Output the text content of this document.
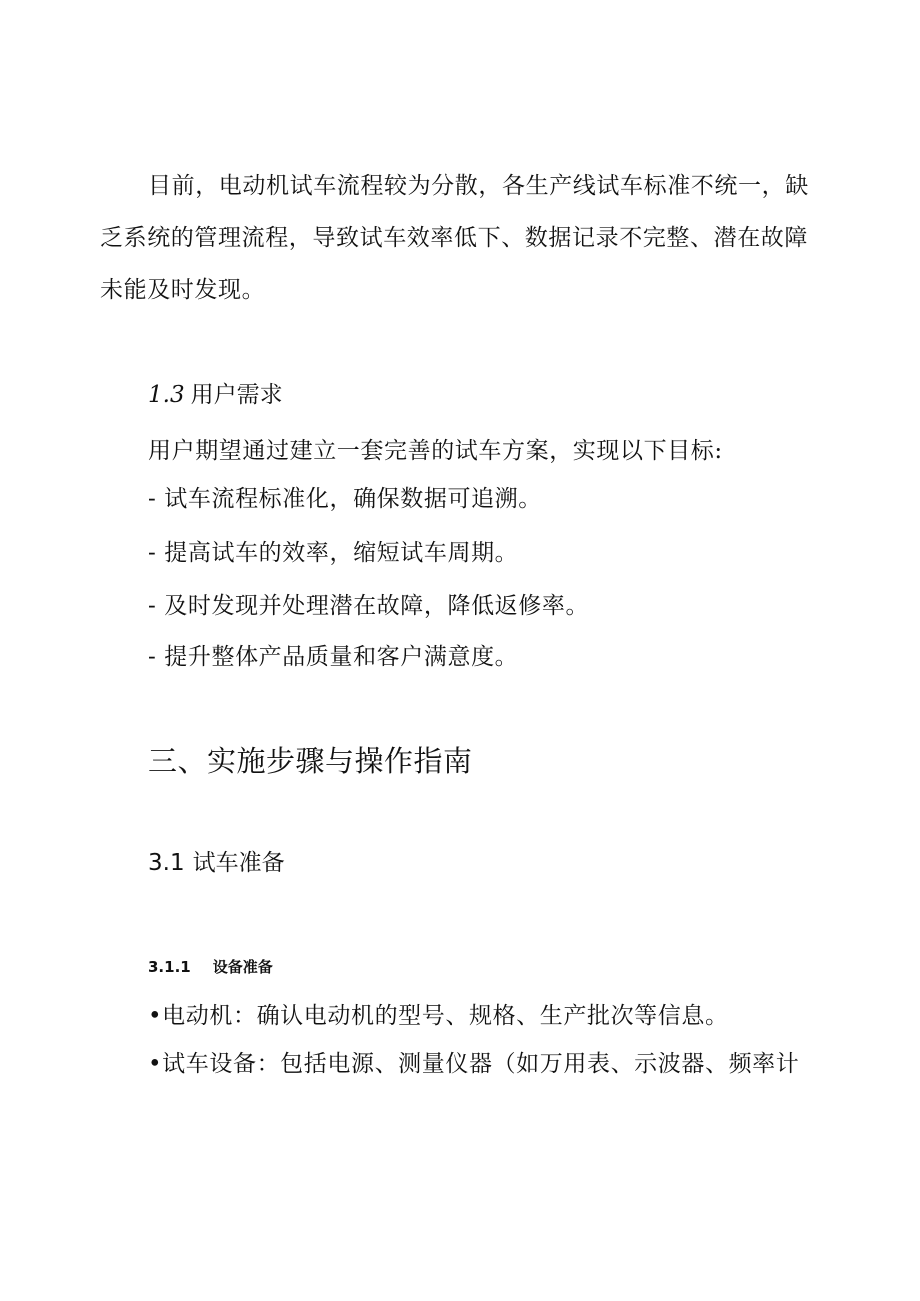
目前，电动机试车流程较为分散，各生产线试车标准不统一，缺乏系统的管理流程，导致试车效率低下、数据记录不完整、潜在故障未能及时发现。

1.3 用户需求
用户期望通过建立一套完善的试车方案，实现以下目标:
- 试车流程标准化，确保数据可追溯。
- 提高试车的效率，缩短试车周期。
- 及时发现并处理潜在故障，降低返修率。
- 提升整体产品质量和客户满意度。
三、实施步骤与操作指南
3.1 试车准备
3.1.1 设备准备
•电动机：确认电动机的型号、规格、生产批次等信息。
•试车设备：包括电源、测量仪器（如万用表、示波器、频率计
